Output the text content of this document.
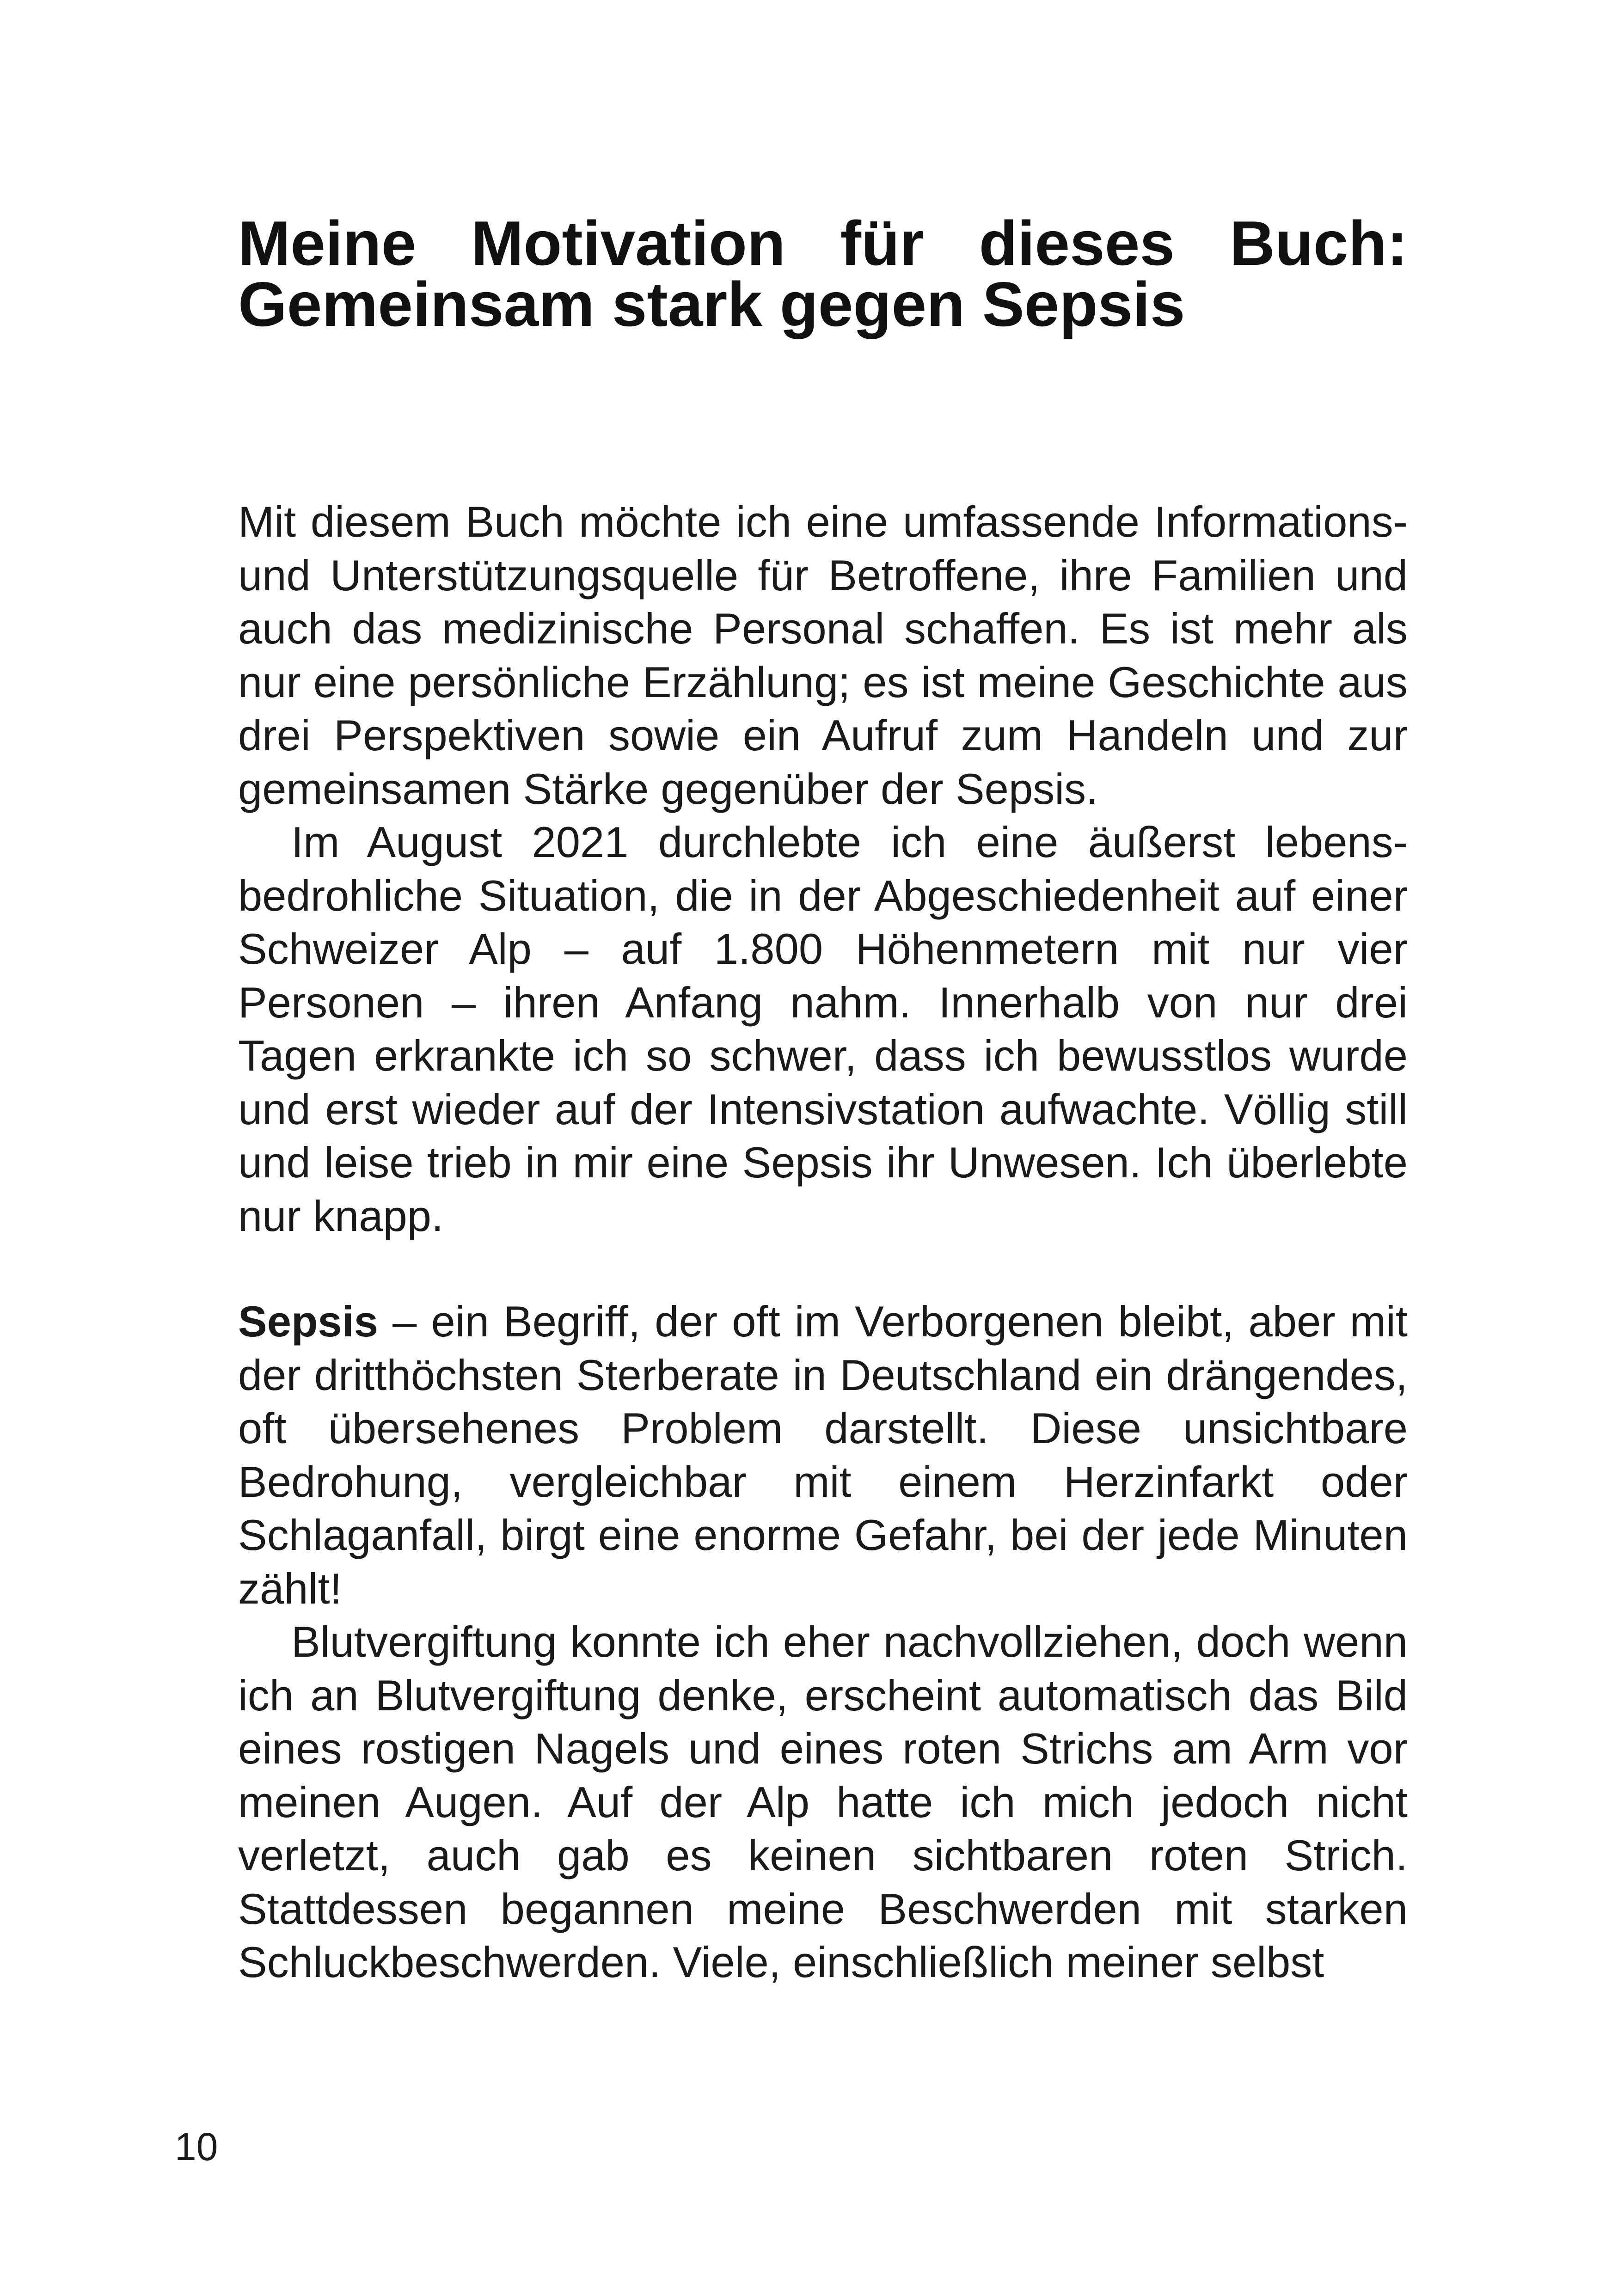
Meine Motivation für dieses Buch:
Gemeinsam stark gegen Sepsis

Mit diesem Buch möchte ich eine umfassende Informations- und Unterstützungsquelle für Betroffene, ihre Familien und auch das medizinische Personal schaffen. Es ist mehr als nur eine persönliche Erzählung; es ist meine Geschichte aus drei Perspektiven sowie ein Aufruf zum Handeln und zur gemeinsamen Stärke gegenüber der Sepsis.

Im August 2021 durchlebte ich eine äußerst lebens-bedrohliche Situation, die in der Abgeschiedenheit auf einer Schweizer Alp – auf 1.800 Höhenmetern mit nur vier Personen – ihren Anfang nahm. Innerhalb von nur drei Tagen erkrankte ich so schwer, dass ich bewusstlos wurde und erst wieder auf der Intensivstation aufwachte. Völlig still und leise trieb in mir eine Sepsis ihr Unwesen. Ich überlebte nur knapp.

Sepsis – ein Begriff, der oft im Verborgenen bleibt, aber mit der dritthöchsten Sterberate in Deutschland ein drängendes, oft übersehenes Problem darstellt. Diese unsichtbare Bedrohung, vergleichbar mit einem Herzinfarkt oder Schlaganfall, birgt eine enorme Gefahr, bei der jede Minuten zählt!

Blutvergiftung konnte ich eher nachvollziehen, doch wenn ich an Blutvergiftung denke, erscheint automatisch das Bild eines rostigen Nagels und eines roten Strichs am Arm vor meinen Augen. Auf der Alp hatte ich mich jedoch nicht verletzt, auch gab es keinen sichtbaren roten Strich. Stattdessen begannen meine Beschwerden mit starken Schluckbeschwerden. Viele, einschließlich meiner selbst

10
